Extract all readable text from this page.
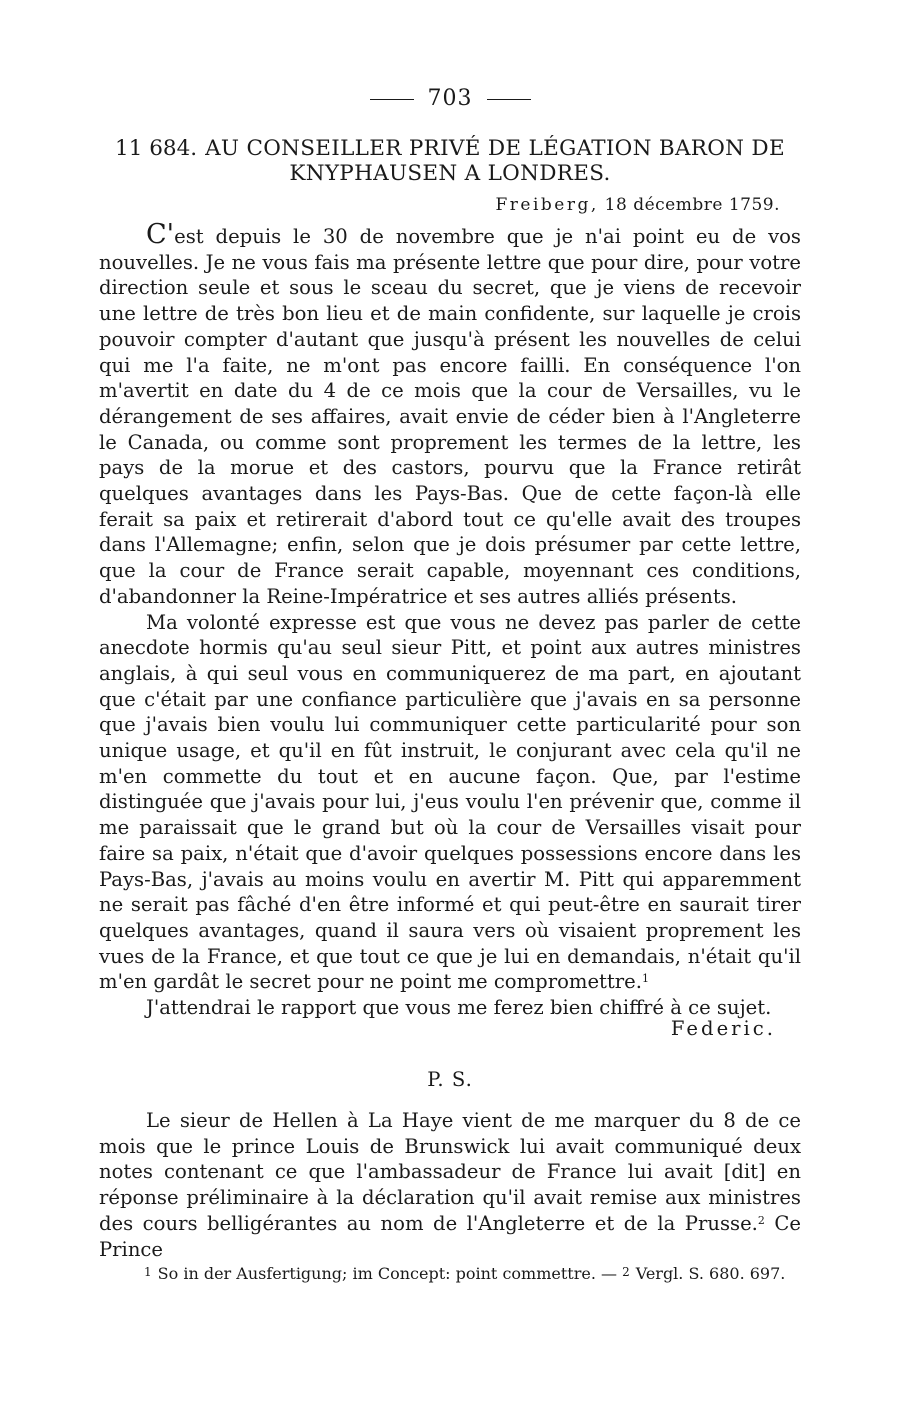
703
11 684. AU CONSEILLER PRIVÉ DE LÉGATION BARON DE KNYPHAUSEN A LONDRES.
Freiberg, 18 décembre 1759.

C'est depuis le 30 de novembre que je n'ai point eu de vos nouvelles. Je ne vous fais ma présente lettre que pour dire, pour votre direction seule et sous le sceau du secret, que je viens de recevoir une lettre de très bon lieu et de main confidente, sur laquelle je crois pouvoir compter d'autant que jusqu'à présent les nouvelles de celui qui me l'a faite, ne m'ont pas encore failli. En conséquence l'on m'avertit en date du 4 de ce mois que la cour de Versailles, vu le dérangement de ses affaires, avait envie de céder bien à l'Angleterre le Canada, ou comme sont proprement les termes de la lettre, les pays de la morue et des castors, pourvu que la France retirât quelques avantages dans les Pays-Bas. Que de cette façon-là elle ferait sa paix et retirerait d'abord tout ce qu'elle avait des troupes dans l'Allemagne; enfin, selon que je dois présumer par cette lettre, que la cour de France serait capable, moyennant ces conditions, d'abandonner la Reine-Impératrice et ses autres alliés présents.

Ma volonté expresse est que vous ne devez pas parler de cette anecdote hormis qu'au seul sieur Pitt, et point aux autres ministres anglais, à qui seul vous en communiquerez de ma part, en ajoutant que c'était par une confiance particulière que j'avais en sa personne que j'avais bien voulu lui communiquer cette particularité pour son unique usage, et qu'il en fût instruit, le conjurant avec cela qu'il ne m'en commette du tout et en aucune façon. Que, par l'estime distinguée que j'avais pour lui, j'eus voulu l'en prévenir que, comme il me paraissait que le grand but où la cour de Versailles visait pour faire sa paix, n'était que d'avoir quelques possessions encore dans les Pays-Bas, j'avais au moins voulu en avertir M. Pitt qui apparemment ne serait pas fâché d'en être informé et qui peut-être en saurait tirer quelques avantages, quand il saura vers où visaient proprement les vues de la France, et que tout ce que je lui en demandais, n'était qu'il m'en gardât le secret pour ne point me compromettre.$^1$

J'attendrai le rapport que vous me ferez bien chiffré à ce sujet.

Federic.
P. S.

Le sieur de Hellen à La Haye vient de me marquer du 8 de ce mois que le prince Louis de Brunswick lui avait communiqué deux notes contenant ce que l'ambassadeur de France lui avait [dit] en réponse préliminaire à la déclaration qu'il avait remise aux ministres des cours belligérantes au nom de l'Angleterre et de la Prusse.$^2$ Ce Prince

1 So in der Ausfertigung; im Concept: point commettre. — 2 Vergl. S. 680. 697.
